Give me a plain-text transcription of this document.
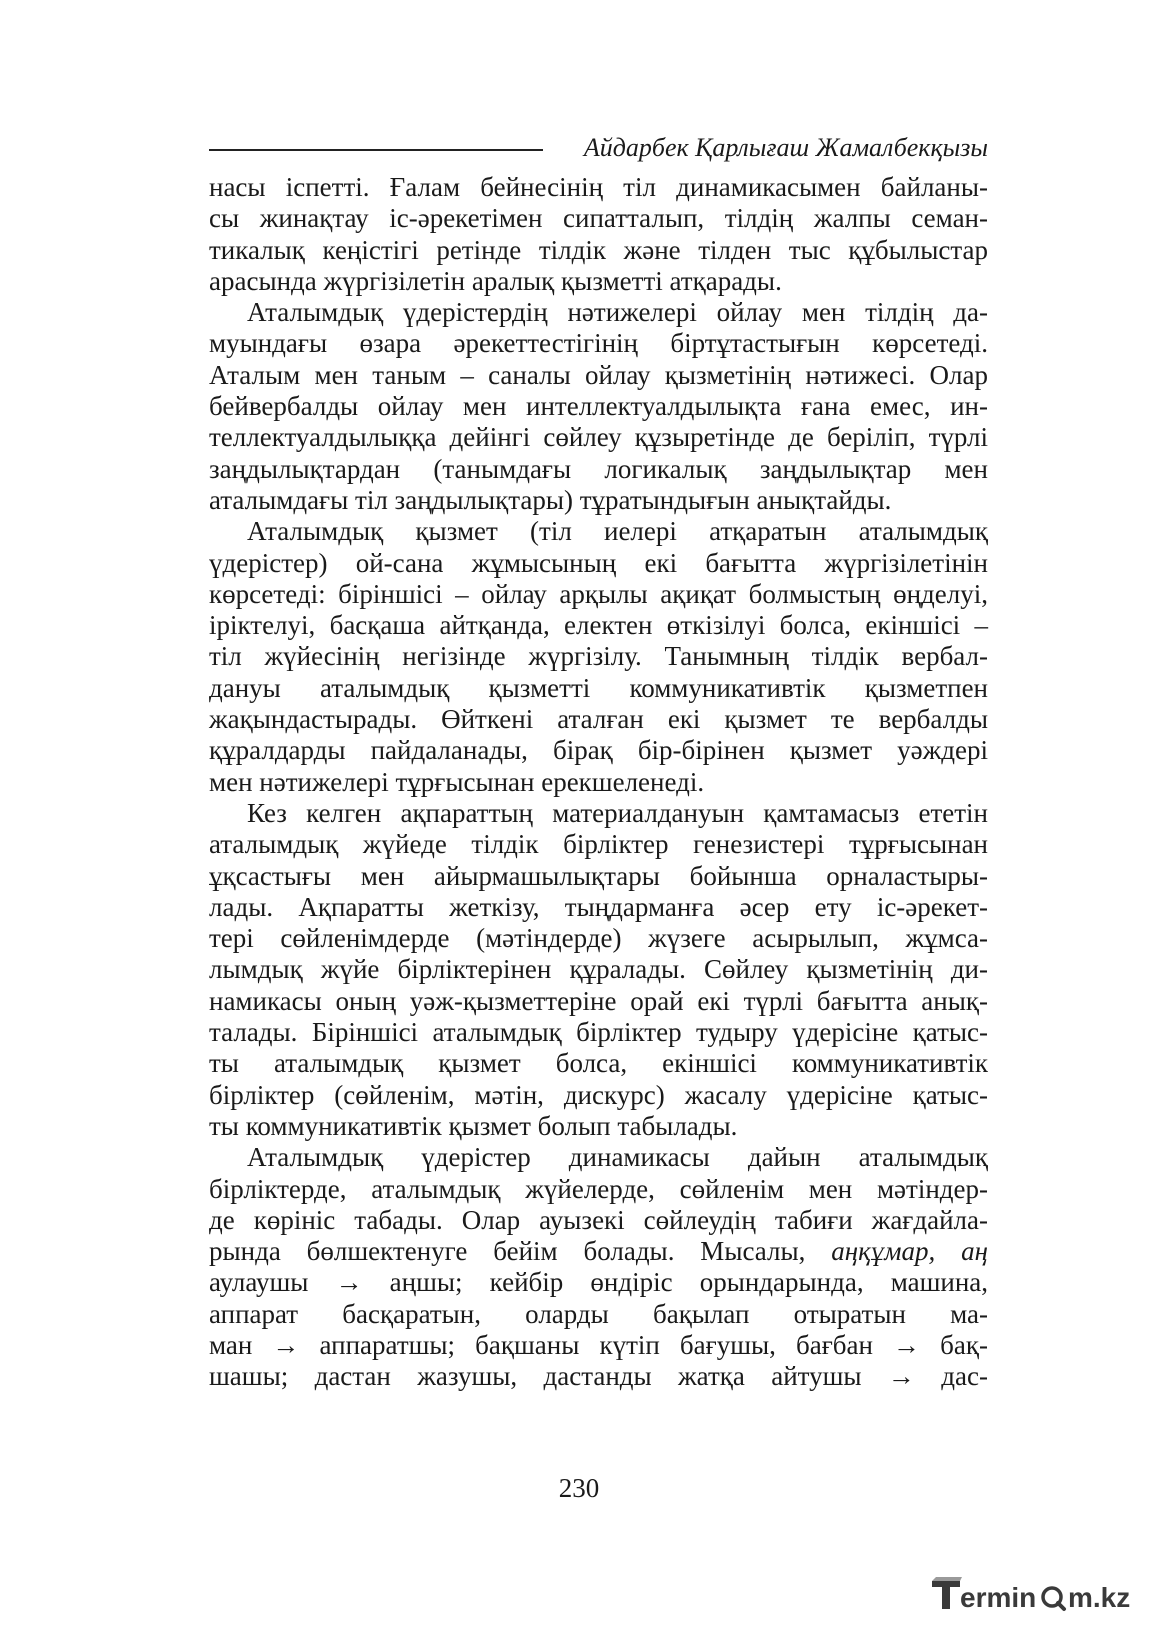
Айдарбек Қарлығаш Жамалбекқызы
насы іспетті. Ғалам бейнесінің тіл динамикасымен байланы-
сы жинақтау іс-әрекетімен сипатталып, тілдің жалпы семан-
тикалық кеңістігі ретінде тілдік және тілден тыс құбылыстар
арасында жүргізілетін аралық қызметті атқарады.
Аталымдық үдерістердің нәтижелері ойлау мен тілдің да-
муындағы өзара әрекеттестігінің біртұтастығын көрсетеді.
Аталым мен таным – саналы ойлау қызметінің нәтижесі. Олар
бейвербалды ойлау мен интеллектуалдылықта ғана емес, ин-
теллектуалдылыққа дейінгі сөйлеу құзыретінде де беріліп, түрлі
заңдылықтардан (танымдағы логикалық заңдылықтар мен
аталымдағы тіл заңдылықтары) тұратындығын анықтайды.
Аталымдық қызмет (тіл иелері атқаратын аталымдық
үдерістер) ой-сана жұмысының екі бағытта жүргізілетінін
көрсетеді: біріншісі – ойлау арқылы ақиқат болмыстың өңделуі,
іріктелуі, басқаша айтқанда, електен өткізілуі болса, екіншісі –
тіл жүйесінің негізінде жүргізілу. Танымның тілдік вербал-
дануы аталымдық қызметті коммуникативтік қызметпен
жақындастырады. Өйткені аталған екі қызмет те вербалды
құралдарды пайдаланады, бірақ бір-бірінен қызмет уәждері
мен нәтижелері тұрғысынан ерекшеленеді.
Кез келген ақпараттың материалдануын қамтамасыз ететін
аталымдық жүйеде тілдік бірліктер генезистері тұрғысынан
ұқсастығы мен айырмашылықтары бойынша орналастыры-
лады. Ақпаратты жеткізу, тыңдарманға әсер ету іс-әрекет-
тері сөйленімдерде (мәтіндерде) жүзеге асырылып, жұмса-
лымдық жүйе бірліктерінен құралады. Сөйлеу қызметінің ди-
намикасы оның уәж-қызметтеріне орай екі түрлі бағытта анық-
талады. Біріншісі аталымдық бірліктер тудыру үдерісіне қатыс-
ты аталымдық қызмет болса, екіншісі коммуникативтік
бірліктер (сөйленім, мәтін, дискурс) жасалу үдерісіне қатыс-
ты коммуникативтік қызмет болып табылады.
Аталымдық үдерістер динамикасы дайын аталымдық
бірліктерде, аталымдық жүйелерде, сөйленім мен мәтіндер-
де көрініс табады. Олар ауызекі сөйлеудің табиғи жағдайла-
рында бөлшектенуге бейім болады. Мысалы, аңқұмар, аң
аулаушы → аңшы; кейбір өндіріс орындарында, машина,
аппарат басқаратын, оларды бақылап отыратын ма-
ман → аппаратшы; бақшаны күтіп бағушы, бағбан → бақ-
шашы; дастан жазушы, дастанды жатқа айтушы → дас-
230
ermin m.kz
